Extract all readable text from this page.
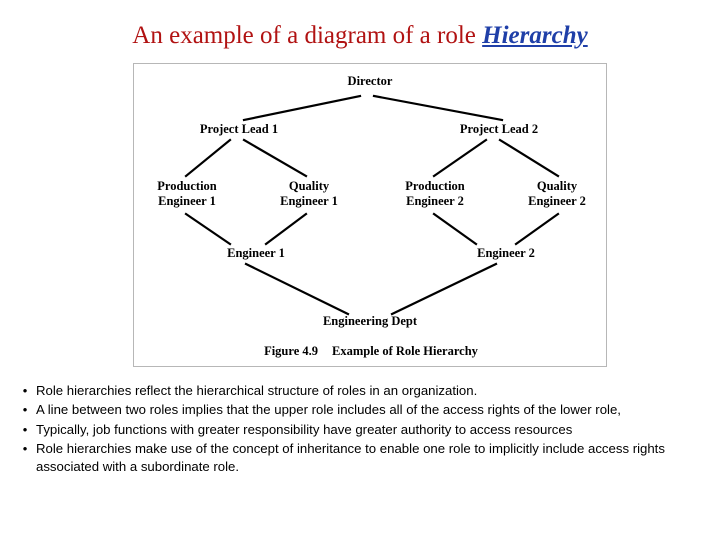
An example of a diagram of a role Hierarchy
Director
Project Lead 1	Project Lead 2
Production
Engineer 1
Quality
Engineer 1
Production
Engineer 2
Quality
Engineer 2
Engineer 1	Engineer 2
Engineering Dept
Figure 4.9 Example of Role Hierarchy
• Role hierarchies reflect the hierarchical structure of roles in an organization.
• A line between two roles implies that the upper role includes all of the access rights of the lower role,
• Typically, job functions with greater responsibility have greater authority to access resources
• Role hierarchies make use of the concept of inheritance to enable one role to implicitly include access rights associated with a subordinate role.
